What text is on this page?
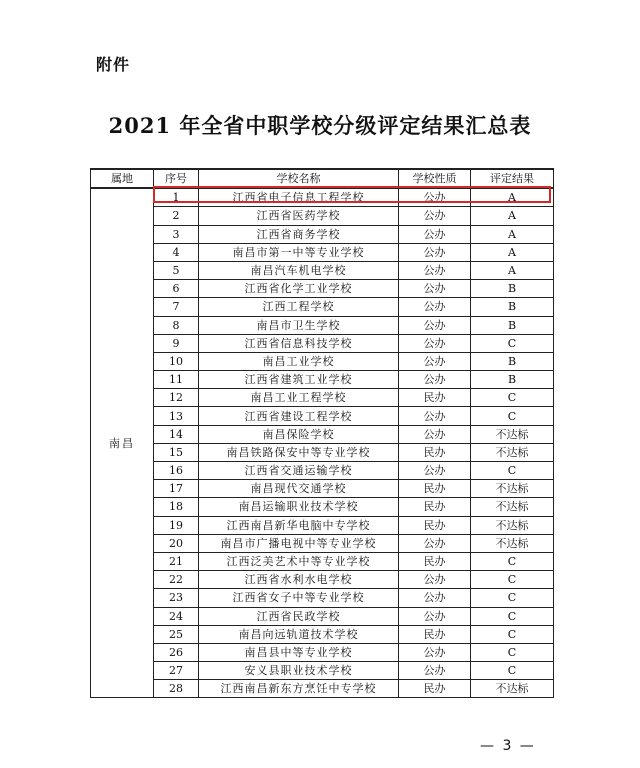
附件
2021 年全省中职学校分级评定结果汇总表
属地	序号	学校名称	学校性质	评定结果
南昌	1	江西省电子信息工程学校	公办	A
	2	江西省医药学校	公办	A
	3	江西省商务学校	公办	A
	4	南昌市第一中等专业学校	公办	A
	5	南昌汽车机电学校	公办	A
	6	江西省化学工业学校	公办	B
	7	江西工程学校	公办	B
	8	南昌市卫生学校	公办	B
	9	江西省信息科技学校	公办	C
	10	南昌工业学校	公办	B
	11	江西省建筑工业学校	公办	B
	12	南昌工业工程学校	民办	C
	13	江西省建设工程学校	公办	C
	14	南昌保险学校	公办	不达标
	15	南昌铁路保安中等专业学校	民办	不达标
	16	江西省交通运输学校	公办	C
	17	南昌现代交通学校	民办	不达标
	18	南昌运输职业技术学校	民办	不达标
	19	江西南昌新华电脑中专学校	民办	不达标
	20	南昌市广播电视中等专业学校	公办	不达标
	21	江西泛美艺术中等专业学校	民办	C
	22	江西省水利水电学校	公办	C
	23	江西省女子中等专业学校	公办	C
	24	江西省民政学校	公办	C
	25	南昌向远轨道技术学校	民办	C
	26	南昌县中等专业学校	公办	C
	27	安义县职业技术学校	公办	C
	28	江西南昌新东方烹饪中专学校	民办	不达标
— 3 —
